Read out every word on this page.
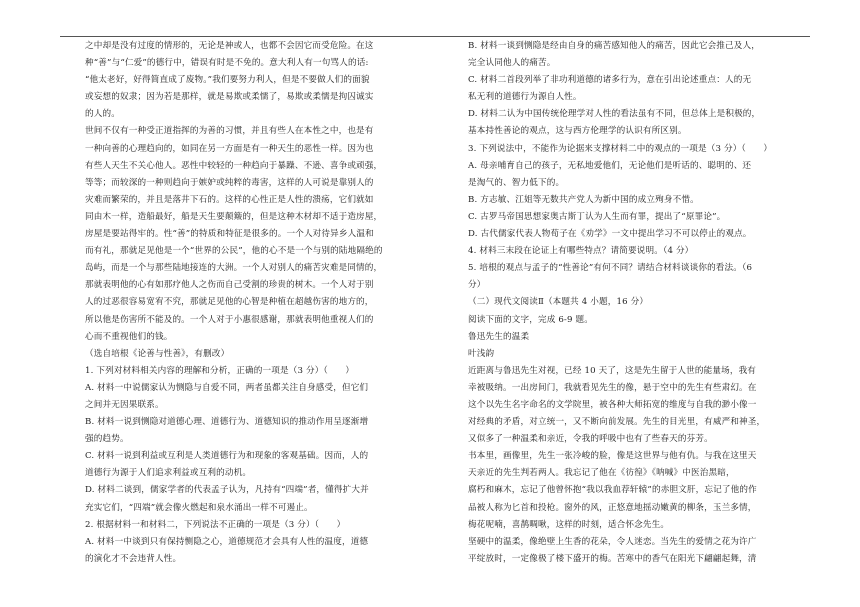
之中却是没有过度的情形的，无论是神或人，也都不会因它而受危险。在这

种“善”与“仁爱”的德行中，错误有时是不免的。意大利人有一句骂人的话:

“他太老好，好得简直成了废物。”我们要努力利人，但是不要做人们的面貌

或妄想的奴隶；因为若是那样，就是易欺或柔懦了，易欺或柔懦是拘囚诚实

的人的。

世间不仅有一种受正道指挥的为善的习惯，并且有些人在本性之中，也是有

一种向善的心理趋向的，如同在另一方面是有一种天生的恶性一样。因为也

有些人天生不关心他人。恶性中较轻的一种趋向于暴躁、不逊、喜争或顽强，

等等；而较深的一种则趋向于嫉妒或纯粹的毒害，这样的人可说是靠别人的

灾难而繁荣的，并且是落井下石的。这样的心性正是人性的溃疡，它们就如

同由木一样，造船最好，船是天生要颠簸的，但是这种木材却不适于造房屋，

房屋是要站得牢的。性“善”的特质和特征是很多的。一个人对待异乡人温和

而有礼，那就足见他是一个“世界的公民”，他的心不是一个与别的陆地隔绝的

岛屿，而是一个与那些陆地接连的大洲。一个人对别人的痛苦灾难是同情的，

那就表明他的心有如那疗他人之伤而自己受割的珍贵的树木。一个人对于别

人的过恶很容易宽宥不究，那就足见他的心智是种植在超越伤害的地方的，

所以他是伤害所不能及的。一个人对于小惠很感谢，那就表明他重视人们的

心而不重视他们的钱。

（选自培根《论善与性善》，有删改）

1. 下列对材料相关内容的理解和分析，正确的一项是（3 分）（　　）

A. 材料一中说儒家认为恻隐与自爱不同，两者虽都关注自身感受，但它们

之间并无因果联系。

B. 材料一说到恻隐对道德心理、道德行为、道德知识的推动作用呈逐渐增

强的趋势。

C. 材料一说到利益或互利是人类道德行为和现象的客观基础。因而，人的

道德行为源于人们追求利益或互利的动机。

D. 材料二谈到，儒家学者的代表孟子认为，凡持有“四端”者，懂得扩大并

充实它们，“四端”就会像火燃起和泉水涌出一样不可遏止。

2. 根据材料一和材料二，下列说法不正确的一项是（3 分）（　　）

A. 材料一中谈到只有保持恻隐之心，道德规范才会具有人性的温度，道德

的演化才不会违背人性。

B. 材料一谈到恻隐是经由自身的痛苦感知他人的痛苦，因此它会推己及人，

完全认同他人的痛苦。

C. 材料二首段列举了非功利道德的诸多行为，意在引出论述重点：人的无

私无利的道德行为源自人性。

D. 材料二认为中国传统伦理学对人性的看法虽有不同，但总体上是积极的，

基本持性善论的观点，这与西方伦理学的认识有所区别。

3. 下列说法中，不能作为论据来支撑材料二中的观点的一项是（3 分）（　　）

A. 母亲哺育自己的孩子，无私地爱他们，无论他们是听话的、聪明的、还

是淘气的、智力低下的。

B. 方志敏、江姐等无数共产党人为新中国的成立殉身不惜。

C. 古罗马帝国思想家奥古斯丁认为人生而有罪，提出了“原罪论”。

D. 古代儒家代表人物荀子在《劝学》一文中提出学习不可以停止的观点。

4. 材料三末段在论证上有哪些特点？请简要说明。（4 分）

5. 培根的观点与孟子的“性善论”有何不同？请结合材料谈谈你的看法。（6

分）

（二）现代文阅读Ⅱ（本题共 4 小题，16 分）

阅读下面的文字，完成 6-9 题。

鲁迅先生的温柔

叶浅韵

近距离与鲁迅先生对视，已经 10 天了，这是先生留于人世的能量场，我有

幸被吸纳。一出房间门，我就看见先生的像，悬于空中的先生有些肃幻。在

这个以先生名字命名的文学院里，被各种大师拓宽的维度与自我的渺小像一

对经典的矛盾，对立统一，又不断向前发展。先生的目光里，有威严和神圣，

又似多了一种温柔和亲近，令我的呼吸中也有了些春天的芬芳。

书本里，画像里，先生一张冷峻的脸，像是这世界与他有仇。与我在这里天

天亲近的先生判若两人。我忘记了他在《彷徨》《呐喊》中医治黑暗，

腐朽和麻木，忘记了他曾怀抱“我以我血荐轩辕”的赤胆文肝，忘记了他的作

品被人称为匕首和投枪。窗外的风，正悠意地摇动嫩黄的柳条，玉兰多情，

梅花呢喃，喜鹊啁啾，这样的时刻，适合怀念先生。

坚硬中的温柔，像绝壁上生香的花朵，令人迷恋。当先生的爱情之花为许广

平绽放时，一定像极了楼下盛开的梅。苦寒中的香气在阳光下翩翩起舞，清
